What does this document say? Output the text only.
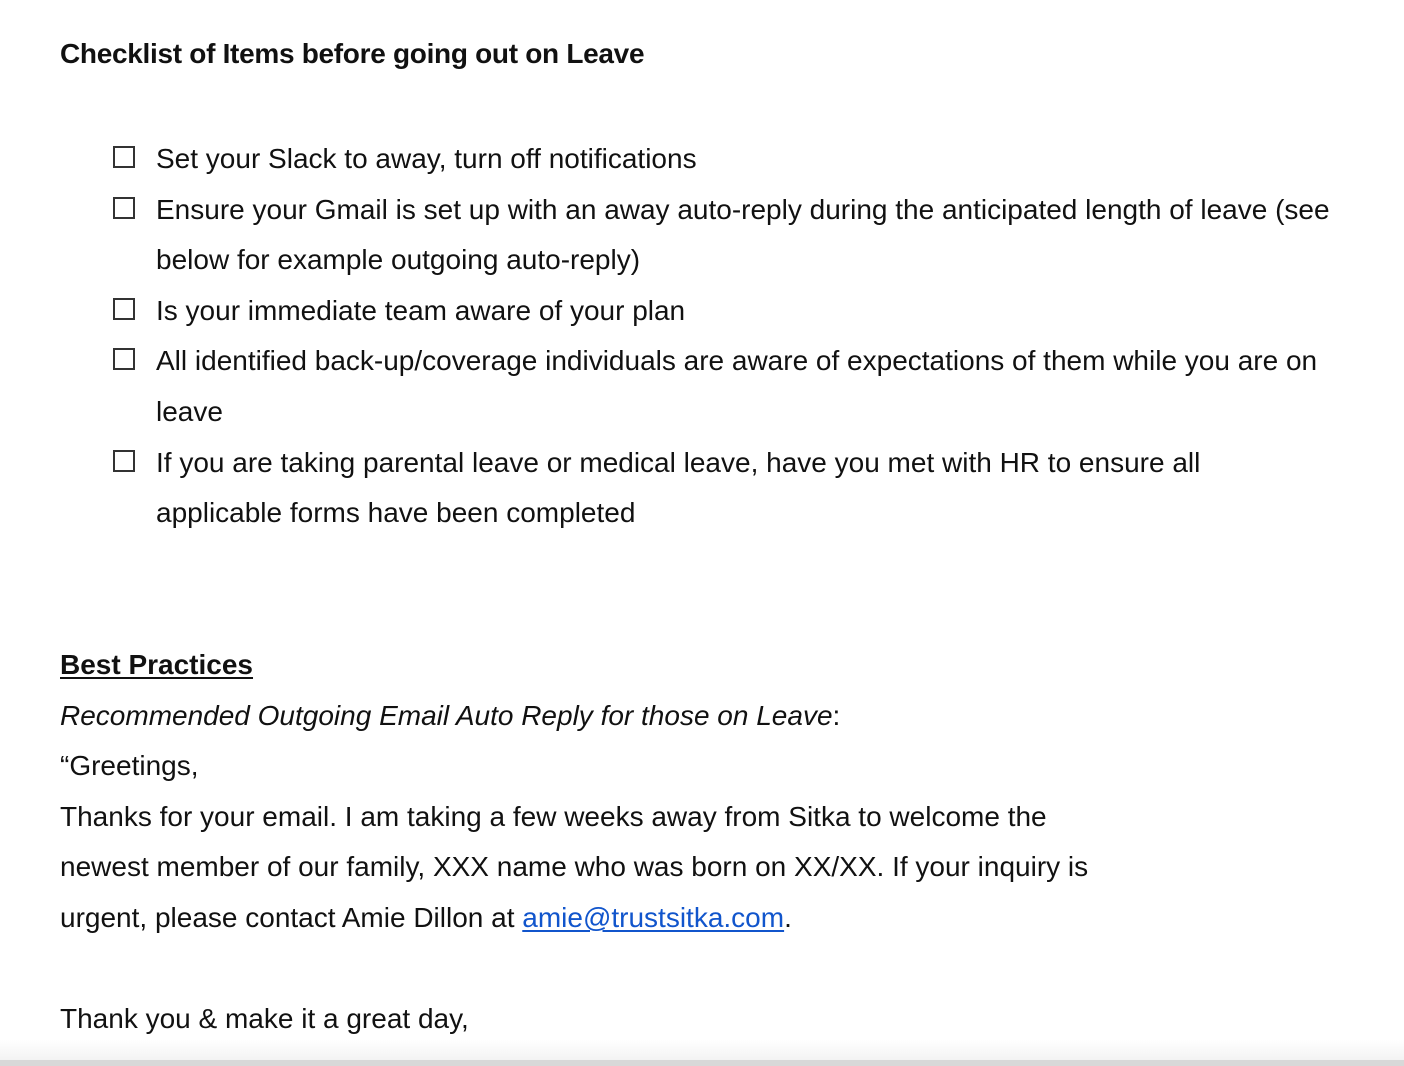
Checklist of Items before going out on Leave
Set your Slack to away, turn off notifications
Ensure your Gmail is set up with an away auto-reply during the anticipated length of leave (see below for example outgoing auto-reply)
Is your immediate team aware of your plan
All identified back-up/coverage individuals are aware of expectations of them while you are on leave
If you are taking parental leave or medical leave, have you met with HR to ensure all applicable forms have been completed

Best Practices

Recommended Outgoing Email Auto Reply for those on Leave:

“Greetings,

Thanks for your email. I am taking a few weeks away from Sitka to welcome the

newest member of our family, XXX name who was born on XX/XX. If your inquiry is

urgent, please contact Amie Dillon at amie@trustsitka.com.

Thank you & make it a great day,
